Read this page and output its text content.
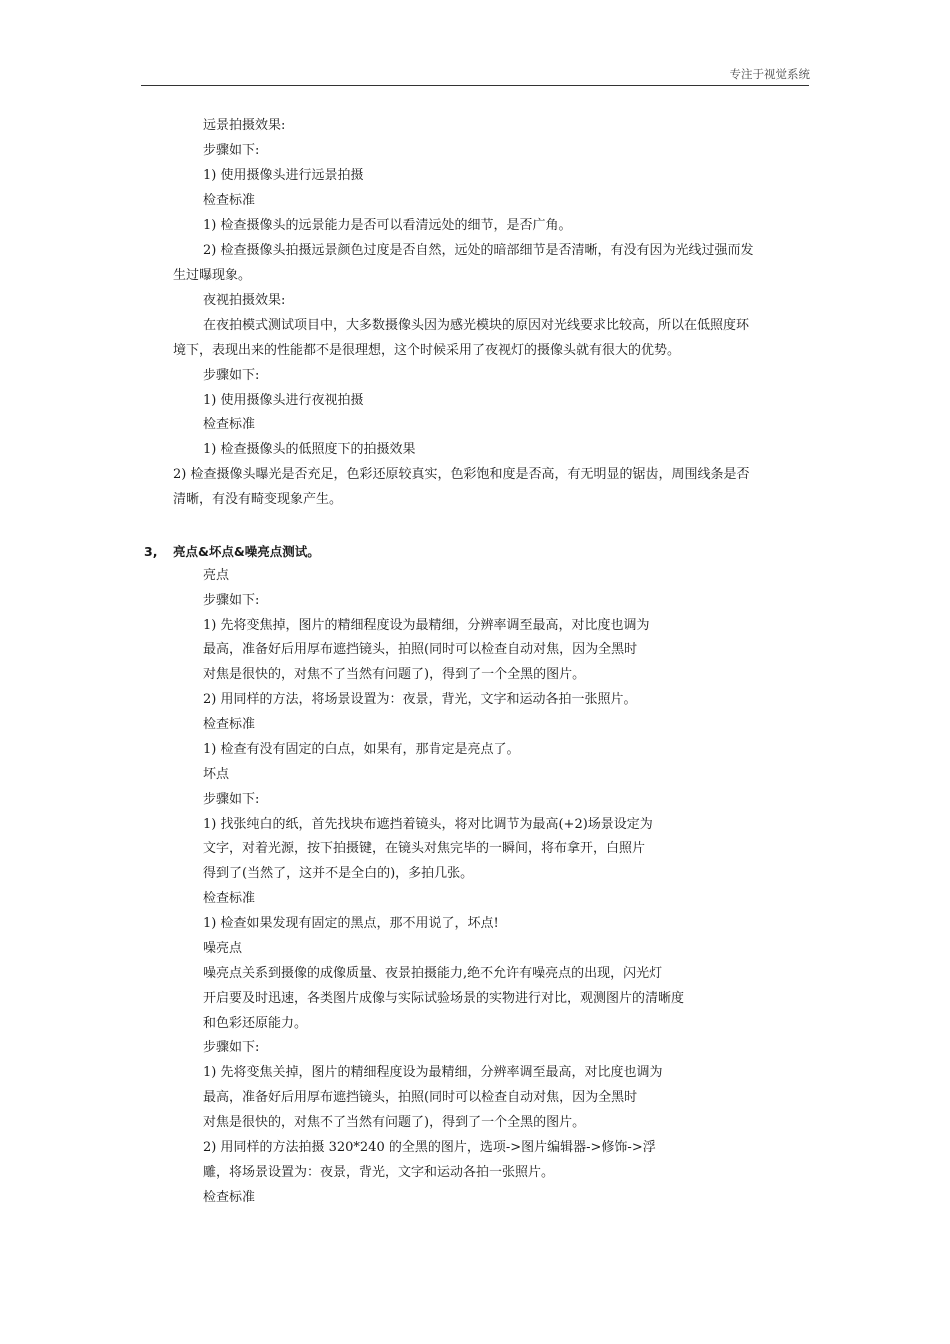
专注于视觉系统
远景拍摄效果:
步骤如下:
1) 使用摄像头进行远景拍摄
检查标准
1) 检查摄像头的远景能力是否可以看清远处的细节，是否广角。
2) 检查摄像头拍摄远景颜色过度是否自然，远处的暗部细节是否清晰，有没有因为光线过强而发
生过曝现象。
夜视拍摄效果:
在夜拍模式测试项目中，大多数摄像头因为感光模块的原因对光线要求比较高，所以在低照度环
境下，表现出来的性能都不是很理想，这个时候采用了夜视灯的摄像头就有很大的优势。
步骤如下:
1) 使用摄像头进行夜视拍摄
检查标准
1) 检查摄像头的低照度下的拍摄效果
2) 检查摄像头曝光是否充足，色彩还原较真实，色彩饱和度是否高，有无明显的锯齿，周围线条是否
清晰，有没有畸变现象产生。
3, 亮点&坏点&噪亮点测试。
亮点
步骤如下:
1) 先将变焦掉，图片的精细程度设为最精细，分辨率调至最高，对比度也调为
最高，准备好后用厚布遮挡镜头，拍照(同时可以检查自动对焦，因为全黑时
对焦是很快的，对焦不了当然有问题了)，得到了一个全黑的图片。
2) 用同样的方法，将场景设置为：夜景，背光，文字和运动各拍一张照片。
检查标准
1) 检查有没有固定的白点，如果有，那肯定是亮点了。
坏点
步骤如下:
1) 找张纯白的纸，首先找块布遮挡着镜头，将对比调节为最高(+2)场景设定为
文字，对着光源，按下拍摄键，在镜头对焦完毕的一瞬间，将布拿开，白照片
得到了(当然了，这并不是全白的)，多拍几张。
检查标准
1) 检查如果发现有固定的黑点，那不用说了，坏点!
噪亮点
噪亮点关系到摄像的成像质量、夜景拍摄能力,绝不允许有噪亮点的出现，闪光灯
开启要及时迅速，各类图片成像与实际试验场景的实物进行对比，观测图片的清晰度
和色彩还原能力。
步骤如下:
1) 先将变焦关掉，图片的精细程度设为最精细，分辨率调至最高，对比度也调为
最高，准备好后用厚布遮挡镜头，拍照(同时可以检查自动对焦，因为全黑时
对焦是很快的，对焦不了当然有问题了)，得到了一个全黑的图片。
2) 用同样的方法拍摄 320*240 的全黑的图片，选项->图片编辑器->修饰->浮
雕，将场景设置为：夜景，背光，文字和运动各拍一张照片。
检查标准
